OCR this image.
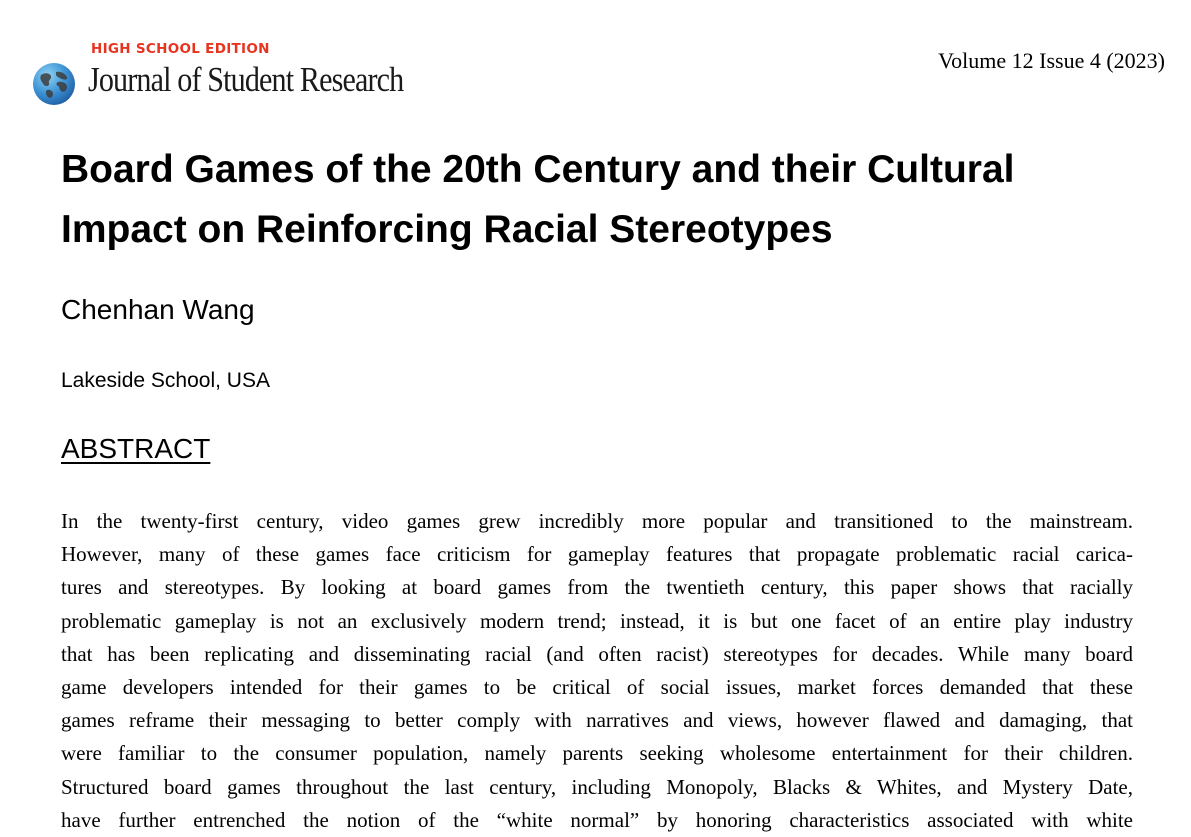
HIGH SCHOOL EDITION
Journal of Student Research	Volume 12 Issue 4 (2023)
Board Games of the 20th Century and their Cultural
Impact on Reinforcing Racial Stereotypes
Chenhan Wang
Lakeside School, USA
ABSTRACT
In the twenty-first century, video games grew incredibly more popular and transitioned to the mainstream.
However, many of these games face criticism for gameplay features that propagate problematic racial carica-
tures and stereotypes. By looking at board games from the twentieth century, this paper shows that racially
problematic gameplay is not an exclusively modern trend; instead, it is but one facet of an entire play industry
that has been replicating and disseminating racial (and often racist) stereotypes for decades. While many board
game developers intended for their games to be critical of social issues, market forces demanded that these
games reframe their messaging to better comply with narratives and views, however flawed and damaging, that
were familiar to the consumer population, namely parents seeking wholesome entertainment for their children.
Structured board games throughout the last century, including Monopoly, Blacks & Whites, and Mystery Date,
have further entrenched the notion of the “white normal” by honoring characteristics associated with white
